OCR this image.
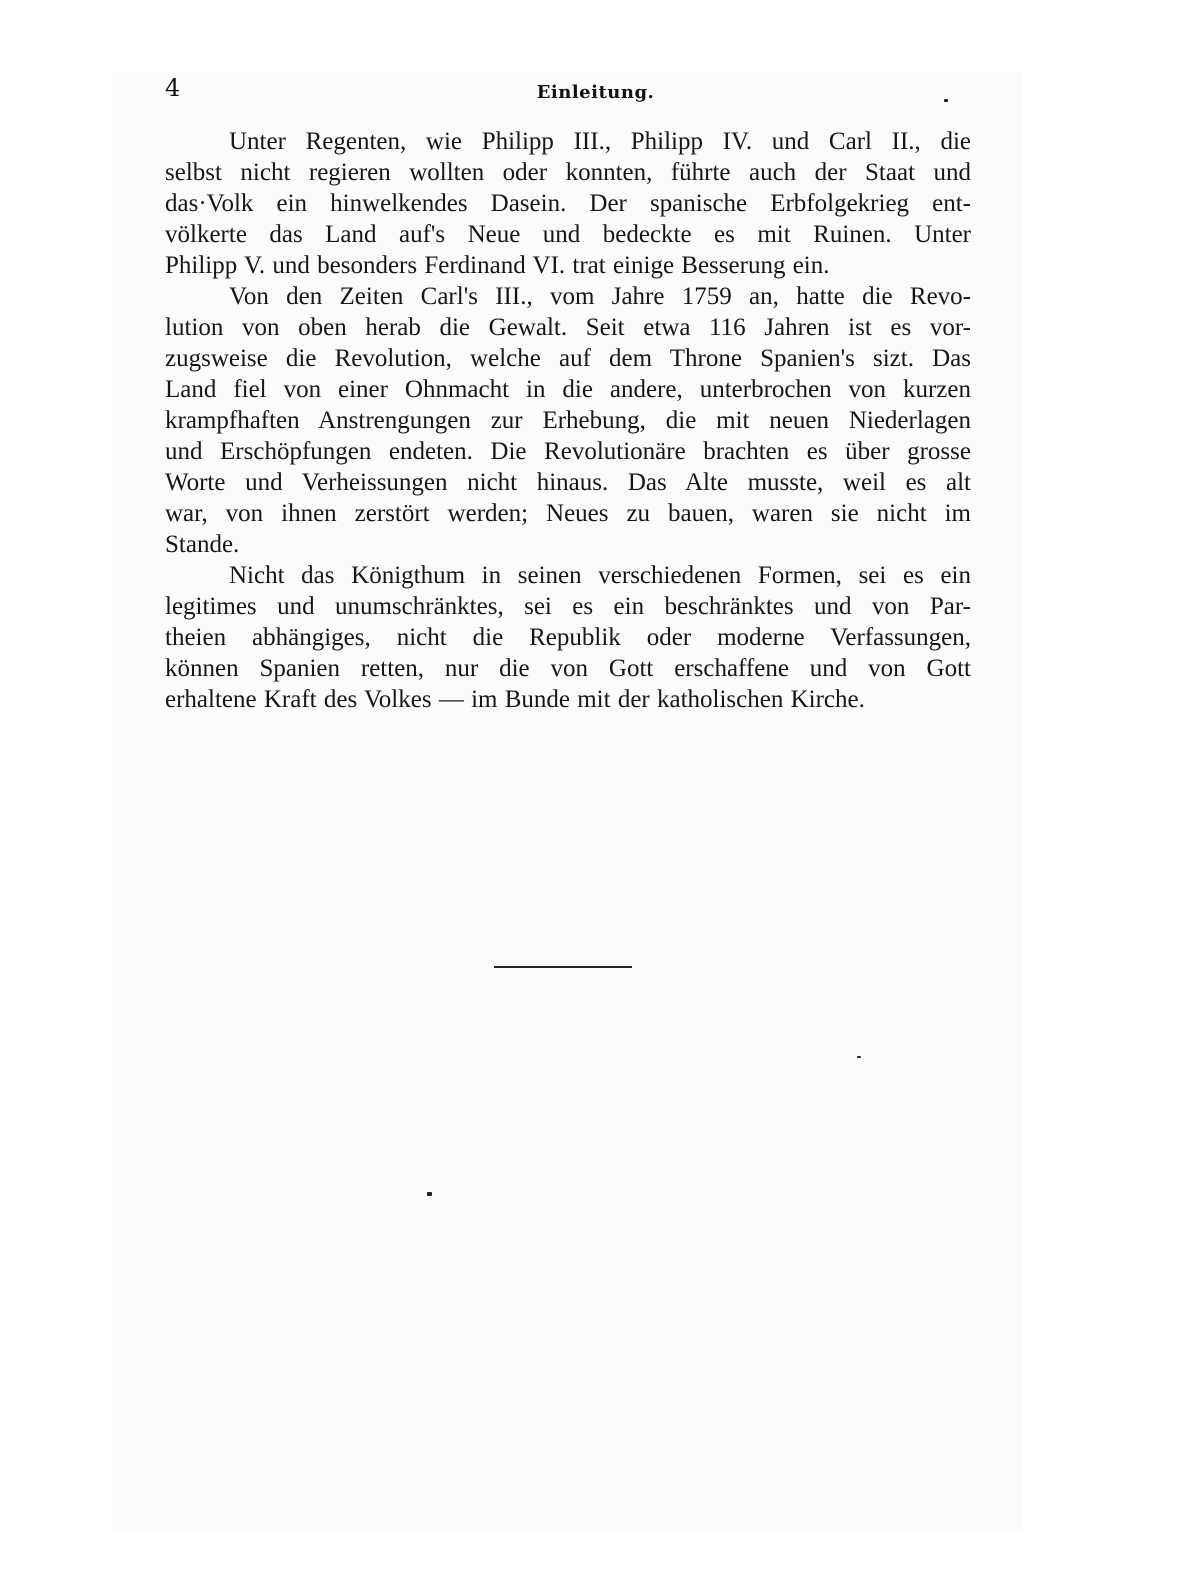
4	Einleitung.

Unter Regenten, wie Philipp III., Philipp IV. und Carl II., die
selbst nicht regieren wollten oder konnten, führte auch der Staat und
das·Volk ein hinwelkendes Dasein. Der spanische Erbfolgekrieg ent-
völkerte das Land auf's Neue und bedeckte es mit Ruinen. Unter
Philipp V. und besonders Ferdinand VI. trat einige Besserung ein.

Von den Zeiten Carl's III., vom Jahre 1759 an, hatte die Revo-
lution von oben herab die Gewalt. Seit etwa 116 Jahren ist es vor-
zugsweise die Revolution, welche auf dem Throne Spanien's sizt. Das
Land fiel von einer Ohnmacht in die andere, unterbrochen von kurzen
krampfhaften Anstrengungen zur Erhebung, die mit neuen Niederlagen
und Erschöpfungen endeten. Die Revolutionäre brachten es über grosse
Worte und Verheissungen nicht hinaus. Das Alte musste, weil es alt
war, von ihnen zerstört werden; Neues zu bauen, waren sie nicht im
Stande.

Nicht das Königthum in seinen verschiedenen Formen, sei es ein
legitimes und unumschränktes, sei es ein beschränktes und von Par-
theien abhängiges, nicht die Republik oder moderne Verfassungen,
können Spanien retten, nur die von Gott erschaffene und von Gott
erhaltene Kraft des Volkes — im Bunde mit der katholischen Kirche.
